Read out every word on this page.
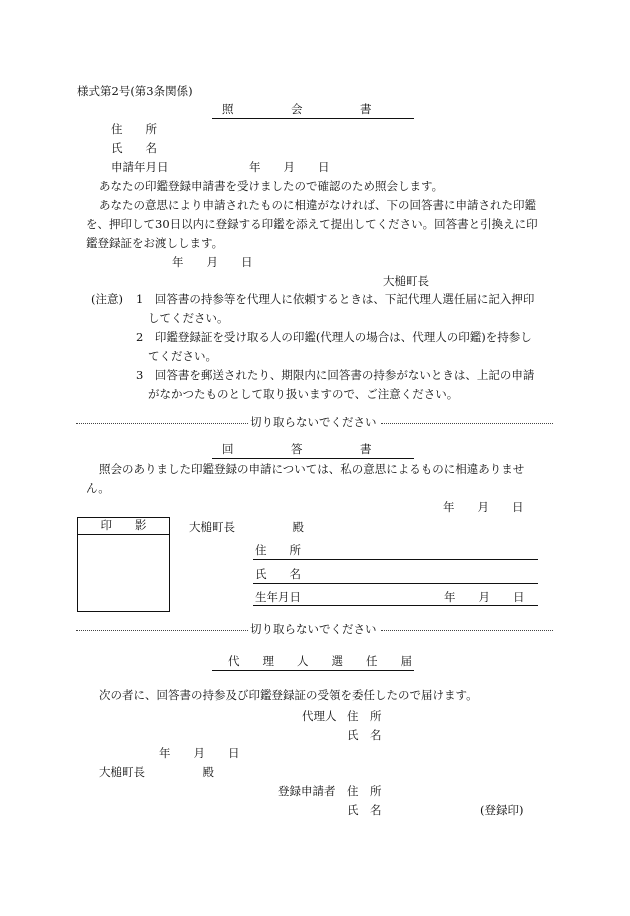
様式第2号(第3条関係)
照　　　　　会　　　　　書
住　　所
氏　　名
申請年月日　　　　　　　年　　月　　日
あなたの印鑑登録申請書を受けましたので確認のため照会します。
あなたの意思により申請されたものに相違がなければ、下の回答書に申請された印鑑
を、押印して30日以内に登録する印鑑を添えて提出してください。回答書と引換えに印
鑑登録証をお渡しします。
年　　月　　日
大槌町長
(注意) 1　回答書の持参等を代理人に依頼するときは、下記代理人選任届に記入押印
してください。
2　印鑑登録証を受け取る人の印鑑(代理人の場合は、代理人の印鑑)を持参し
てください。
3　回答書を郵送されたり、期限内に回答書の持参がないときは、上記の申請
がなかつたものとして取り扱いますので、ご注意ください。
切り取らないでください
回　　　　　答　　　　　書
照会のありました印鑑登録の申請については、私の意思によるものに相違ありませ
ん。
年　　月　　日
印　　影	大槌町長　　　　　殿
住　　所
氏　　名
生年月日	年　　月　　日
切り取らないでください
代　　理　　人　　選　　任　　届
次の者に、回答書の持参及び印鑑登録証の受領を委任したので届けます。
代理人 住　所
氏　名
年　　月　　日
大槌町長　　　　　殿
登録申請者 住　所
氏　名	(登録印)
